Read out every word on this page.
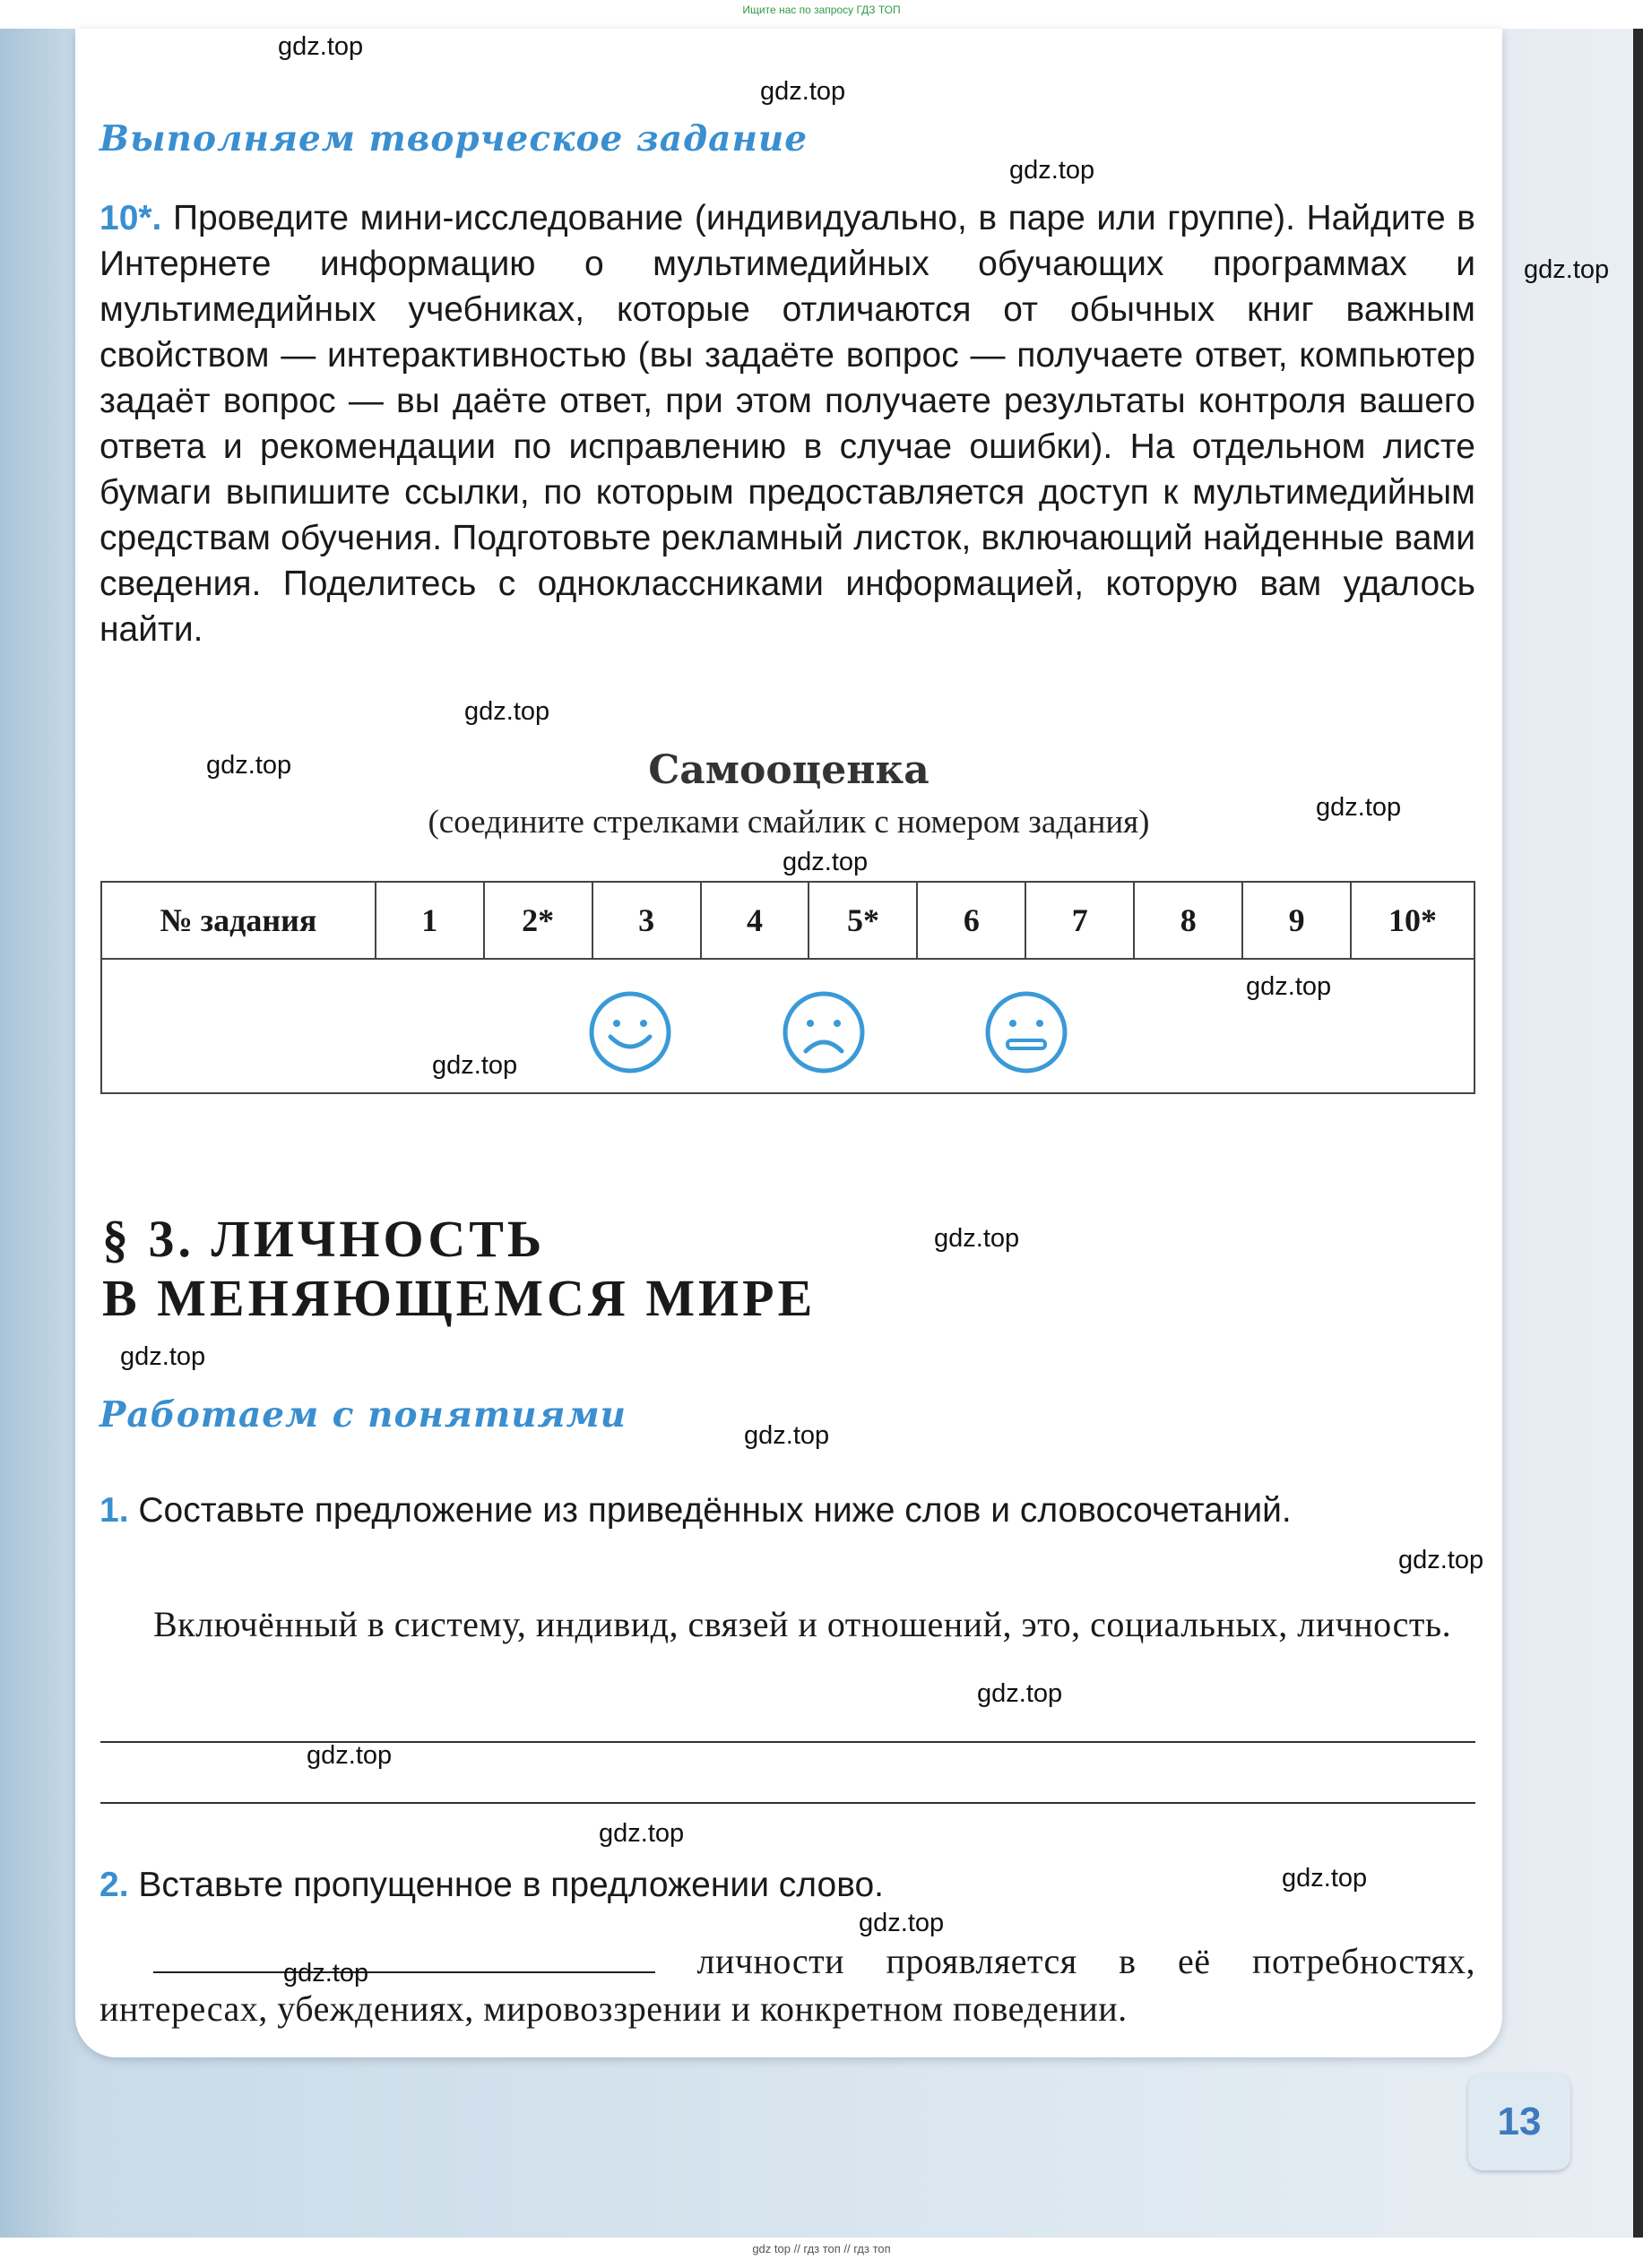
Ищите нас по запросу ГДЗ ТОП
Выполняем творческое задание
10*. Проведите мини-исследование (индивидуально, в паре или группе). Найдите в Интернете информацию о мультимедийных обучающих программах и мультимедийных учебниках, которые отличаются от обычных книг важным свойством — интерактивностью (вы задаёте вопрос — получаете ответ, компьютер задаёт вопрос — вы даёте ответ, при этом получаете результаты контроля вашего ответа и рекомендации по исправлению в случае ошибки). На отдельном листе бумаги выпишите ссылки, по которым предоставляется доступ к мультимедийным средствам обучения. Подготовьте рекламный листок, включающий найденные вами сведения. Поделитесь с одноклассниками информацией, которую вам удалось найти.
Самооценка
(соедините стрелками смайлик с номером задания)
№ задания	1	2*	3	4	5*	6	7	8	9	10*
§ 3. ЛИЧНОСТЬ
В МЕНЯЮЩЕМСЯ МИРЕ
Работаем с понятиями
1. Составьте предложение из приведённых ниже слов и словосочетаний.
Включённый в систему, индивид, связей и отношений, это, социальных, личность.
2. Вставьте пропущенное в предложении слово.
личности проявляется в её потребностях, интересах, убеждениях, мировоззрении и конкретном поведении.
13
gdz.top
gdz.top
gdz.top
gdz.top
gdz.top
gdz.top
gdz.top
gdz.top
gdz.top
gdz.top
gdz.top
gdz.top
gdz.top
gdz.top
gdz.top
gdz.top
gdz.top
gdz.top
gdz.top
gdz.top
gdz top // гдз топ // гдз топ
